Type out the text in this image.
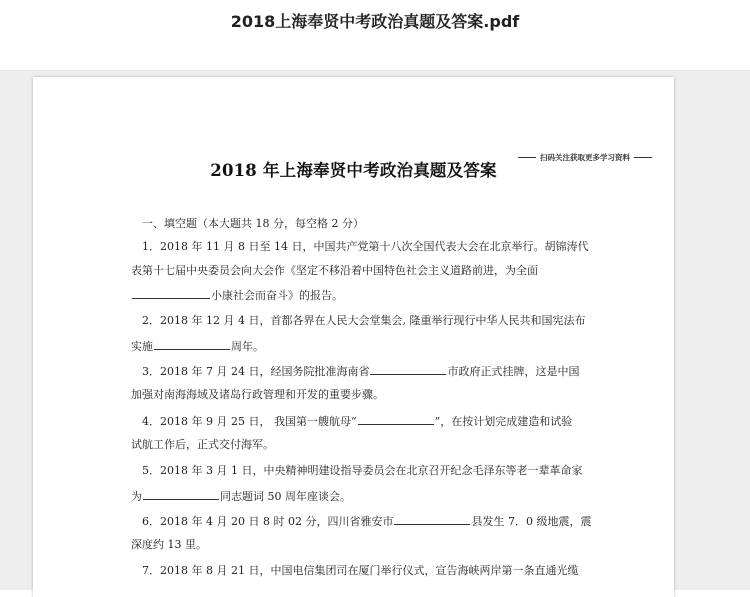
2018上海奉贤中考政治真题及答案.pdf
扫码关注获取更多学习资料
2018 年上海奉贤中考政治真题及答案
一、填空题（本大题共 18 分，每空格 2 分）
1．2018 年 11 月 8 日至 14 日，中国共产党第十八次全国代表大会在北京举行。胡锦涛代
表第十七届中央委员会向大会作《坚定不移沿着中国特色社会主义道路前进，为全面
小康社会而奋斗》的报告。
2．2018 年 12 月 4 日，首都各界在人民大会堂集会, 隆重举行现行中华人民共和国宪法布
实施	周年。
3．2018 年 7 月 24 日，经国务院批准海南省	市政府正式挂牌，这是中国
加强对南海海域及诸岛行政管理和开发的重要步骤。
4．2018 年 9 月 25 日， 我国第一艘航母“	”，在按计划完成建造和试验
试航工作后，正式交付海军。
5．2018 年 3 月 1 日，中央精神明建设指导委员会在北京召开纪念毛泽东等老一辈革命家
为	同志题词 50 周年座谈会。
6．2018 年 4 月 20 日 8 时 02 分，四川省雅安市	县发生 7．0 级地震，震
深度约 13 里。
7．2018 年 8 月 21 日，中国电信集团司在厦门举行仪式，宣告海峡两岸第一条直通光缆
